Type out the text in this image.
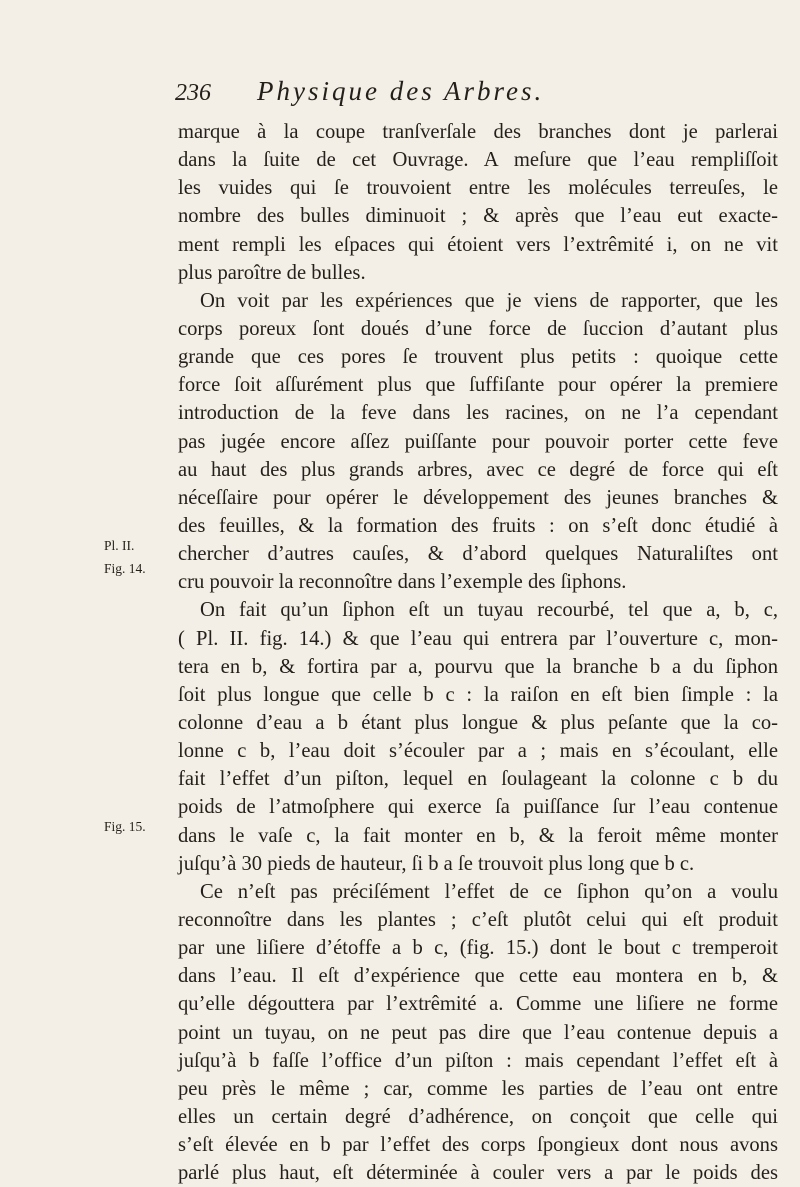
236 Physique des Arbres.
Pl. II.
Fig. 14.
Fig. 15.
marque à la coupe tranſverſale des branches dont je parlerai
dans la ſuite de cet Ouvrage. A meſure que l’eau rempliſſoit
les vuides qui ſe trouvoient entre les molécules terreuſes, le
nombre des bulles diminuoit ; & après que l’eau eut exacte-
ment rempli les eſpaces qui étoient vers l’extrêmité i, on ne vit
plus paroître de bulles.
On voit par les expériences que je viens de rapporter, que les
corps poreux ſont doués d’une force de ſuccion d’autant plus
grande que ces pores ſe trouvent plus petits : quoique cette
force ſoit aſſurément plus que ſuffiſante pour opérer la premiere
introduction de la feve dans les racines, on ne l’a cependant
pas jugée encore aſſez puiſſante pour pouvoir porter cette feve
au haut des plus grands arbres, avec ce degré de force qui eſt
néceſſaire pour opérer le développement des jeunes branches &
des feuilles, & la formation des fruits : on s’eſt donc étudié à
chercher d’autres cauſes, & d’abord quelques Naturaliſtes ont
cru pouvoir la reconnoître dans l’exemple des ſiphons.
On fait qu’un ſiphon eſt un tuyau recourbé, tel que a, b, c,
( Pl. II. fig. 14.) & que l’eau qui entrera par l’ouverture c, mon-
tera en b, & fortira par a, pourvu que la branche b a du ſiphon
ſoit plus longue que celle b c : la raiſon en eſt bien ſimple : la
colonne d’eau a b étant plus longue & plus peſante que la co-
lonne c b, l’eau doit s’écouler par a ; mais en s’écoulant, elle
fait l’effet d’un piſton, lequel en ſoulageant la colonne c b du
poids de l’atmoſphere qui exerce ſa puiſſance ſur l’eau contenue
dans le vaſe c, la fait monter en b, & la feroit même monter
juſqu’à 30 pieds de hauteur, ſi b a ſe trouvoit plus long que b c.
Ce n’eſt pas préciſément l’effet de ce ſiphon qu’on a voulu
reconnoître dans les plantes ; c’eſt plutôt celui qui eſt produit
par une liſiere d’étoffe a b c, (fig. 15.) dont le bout c tremperoit
dans l’eau. Il eſt d’expérience que cette eau montera en b, &
qu’elle dégouttera par l’extrêmité a. Comme une liſiere ne forme
point un tuyau, on ne peut pas dire que l’eau contenue depuis a
juſqu’à b faſſe l’office d’un piſton : mais cependant l’effet eſt à
peu près le même ; car, comme les parties de l’eau ont entre
elles un certain degré d’adhérence, on conçoit que celle qui
s’eſt élevée en b par l’effet des corps ſpongieux dont nous avons
parlé plus haut, eſt déterminée à couler vers a par le poids des
